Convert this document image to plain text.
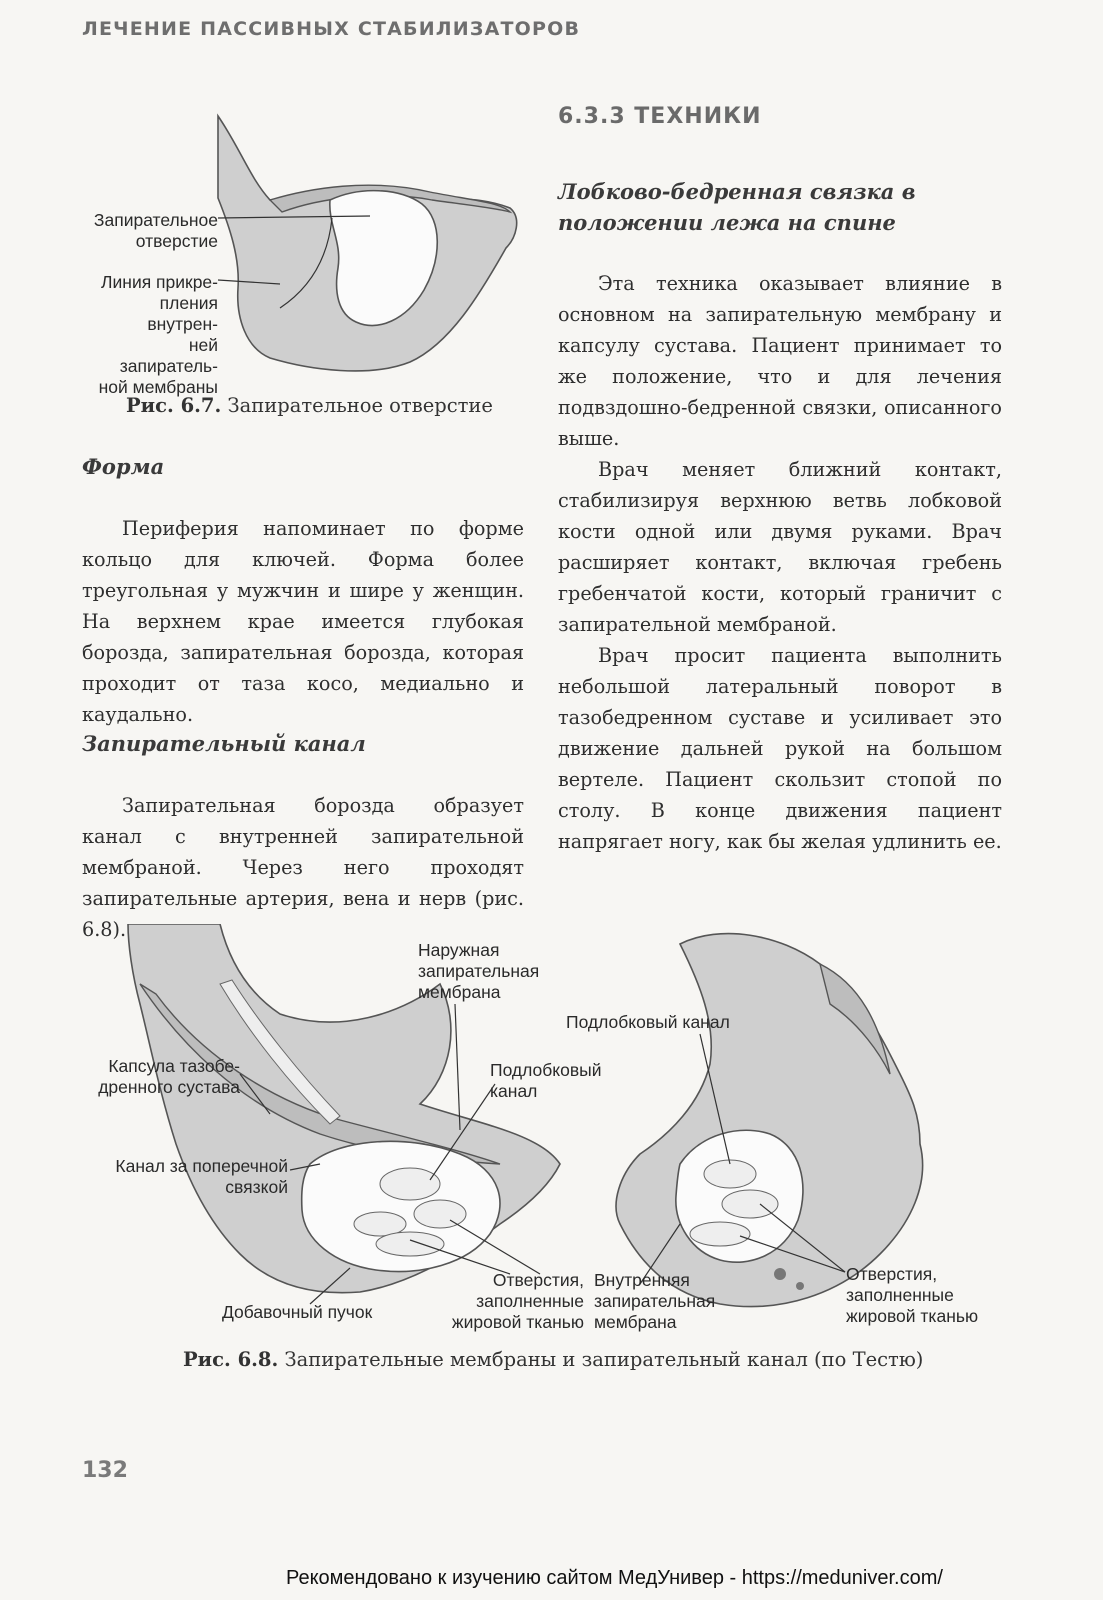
ЛЕЧЕНИЕ ПАССИВНЫХ СТАБИЛИЗАТОРОВ
Запирательное
отверстие
Линия прикре-
пления внутрен-
ней запиратель-
ной мембраны
Рис. 6.7. Запирательное отверстие
Форма

Периферия напоминает по форме кольцо для ключей. Форма более треугольная у мужчин и шире у женщин. На верхнем крае имеется глубокая борозда, запирательная борозда, которая проходит от таза косо, медиально и каудально.

Запирательный канал

Запирательная борозда образует канал с внутренней запирательной мембраной. Через него проходят запирательные артерия, вена и нерв (рис. 6.8).

6.3.3 ТЕХНИКИ
Лобково-бедренная связка в положении лежа на спине

Эта техника оказывает влияние в основном на запирательную мембрану и капсулу сустава. Пациент принимает то же положение, что и для лечения подвздошно-бедренной связки, описанного выше.

Врач меняет ближний контакт, стабилизируя верхнюю ветвь лобковой кости одной или двумя руками. Врач расширяет контакт, включая гребень гребенчатой кости, который граничит с запирательной мембраной.

Врач просит пациента выполнить небольшой латеральный поворот в тазобедренном суставе и усиливает это движение дальней рукой на большом вертеле. Пациент скользит стопой по столу. В конце движения пациент напрягает ногу, как бы желая удлинить ее.

Наружная
запирательная
мембрана
Капсула тазобе-
дренного сустава
Подлобковый
канал
Канал за поперечной
связкой
Добавочный пучок
Отверстия,
заполненные
жировой тканью
Подлобковый канал
Внутренняя
запирательная
мембрана
Отверстия,
заполненные
жировой тканью
Рис. 6.8. Запирательные мембраны и запирательный канал (по Тестю)
132
Рекомендовано к изучению сайтом МедУнивер - https://meduniver.com/
